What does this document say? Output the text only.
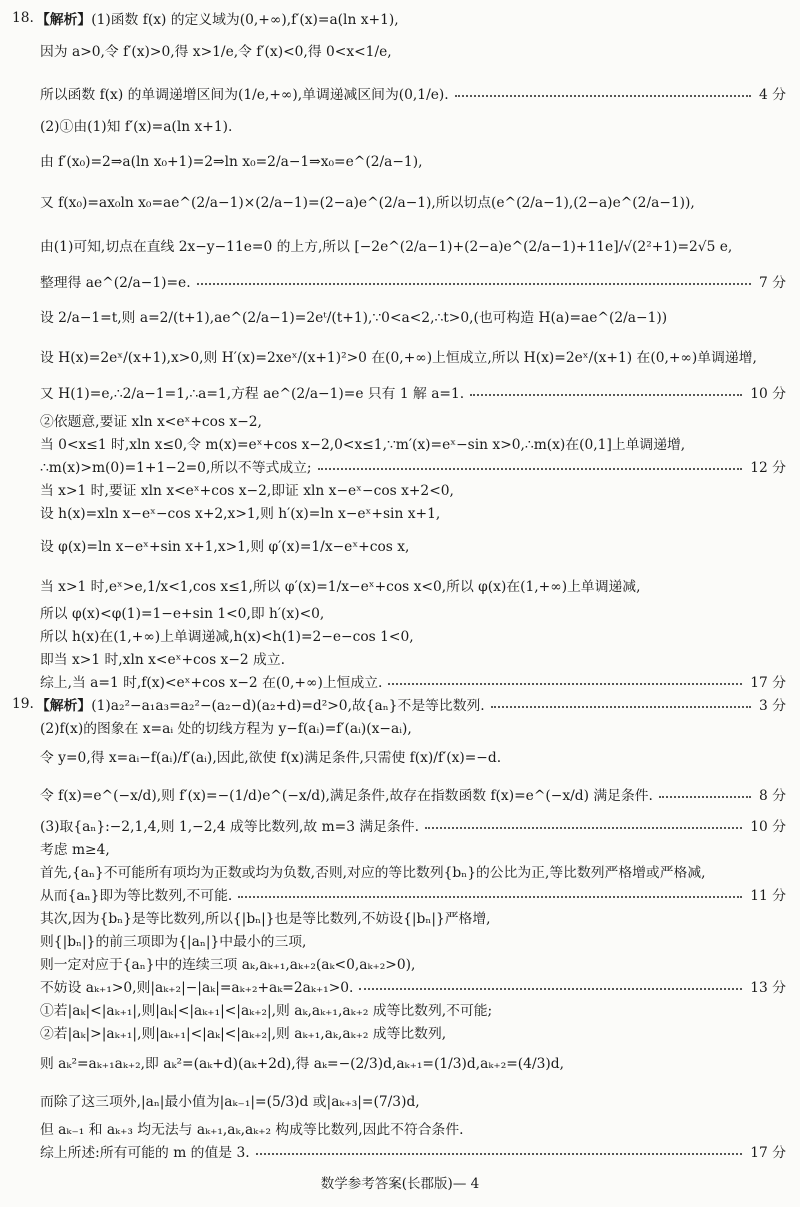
18. 【解析】 (1)函数 f(x) 的定义域为(0,+∞),f′(x)=a(ln x+1),
因为 a>0,令 f′(x)>0,得 x>1/e,令 f′(x)<0,得 0<x<1/e,
所以函数 f(x) 的单调递增区间为(1/e,+∞),单调递减区间为(0,1/e).	4 分
(2)①由(1)知 f′(x)=a(ln x+1).
由 f′(x₀)=2⇒a(ln x₀+1)=2⇒ln x₀=2/a−1⇒x₀=e^(2/a−1),
又 f(x₀)=ax₀ln x₀=ae^(2/a−1)×(2/a−1)=(2−a)e^(2/a−1),所以切点(e^(2/a−1),(2−a)e^(2/a−1)),
由(1)可知,切点在直线 2x−y−11e=0 的上方,所以 [−2e^(2/a−1)+(2−a)e^(2/a−1)+11e]/√(2²+1)=2√5 e,
整理得 ae^(2/a−1)=e.	7 分
设 2/a−1=t,则 a=2/(t+1),ae^(2/a−1)=2eᵗ/(t+1),∵0<a<2,∴t>0,(也可构造 H(a)=ae^(2/a−1))
设 H(x)=2eˣ/(x+1),x>0,则 H′(x)=2xeˣ/(x+1)²>0 在(0,+∞)上恒成立,所以 H(x)=2eˣ/(x+1) 在(0,+∞)单调递增,
又 H(1)=e,∴2/a−1=1,∴a=1,方程 ae^(2/a−1)=e 只有 1 解 a=1.	10 分
②依题意,要证 xln x<eˣ+cos x−2,
当 0<x≤1 时,xln x≤0,令 m(x)=eˣ+cos x−2,0<x≤1,∵m′(x)=eˣ−sin x>0,∴m(x)在(0,1]上单调递增,
∴m(x)>m(0)=1+1−2=0,所以不等式成立;	12 分
当 x>1 时,要证 xln x<eˣ+cos x−2,即证 xln x−eˣ−cos x+2<0,
设 h(x)=xln x−eˣ−cos x+2,x>1,则 h′(x)=ln x−eˣ+sin x+1,
设 φ(x)=ln x−eˣ+sin x+1,x>1,则 φ′(x)=1/x−eˣ+cos x,
当 x>1 时,eˣ>e,1/x<1,cos x≤1,所以 φ′(x)=1/x−eˣ+cos x<0,所以 φ(x)在(1,+∞)上单调递减,
所以 φ(x)<φ(1)=1−e+sin 1<0,即 h′(x)<0,
所以 h(x)在(1,+∞)上单调递减,h(x)<h(1)=2−e−cos 1<0,
即当 x>1 时,xln x<eˣ+cos x−2 成立.
综上,当 a=1 时,f(x)<eˣ+cos x−2 在(0,+∞)上恒成立.	17 分
19. 【解析】 (1)a₂²−a₁a₃=a₂²−(a₂−d)(a₂+d)=d²>0,故{aₙ}不是等比数列.	3 分
(2)f(x)的图象在 x=aᵢ 处的切线方程为 y−f(aᵢ)=f′(aᵢ)(x−aᵢ),
令 y=0,得 x=aᵢ−f(aᵢ)/f′(aᵢ),因此,欲使 f(x)满足条件,只需使 f(x)/f′(x)=−d.
令 f(x)=e^(−x/d),则 f′(x)=−(1/d)e^(−x/d),满足条件,故存在指数函数 f(x)=e^(−x/d) 满足条件.	8 分
(3)取{aₙ}:−2,1,4,则 1,−2,4 成等比数列,故 m=3 满足条件.	10 分
考虑 m≥4,
首先,{aₙ}不可能所有项均为正数或均为负数,否则,对应的等比数列{bₙ}的公比为正,等比数列严格增或严格减,
从而{aₙ}即为等比数列,不可能.	11 分
其次,因为{bₙ}是等比数列,所以{|bₙ|}也是等比数列,不妨设{|bₙ|}严格增,
则{|bₙ|}的前三项即为{|aₙ|}中最小的三项,
则一定对应于{aₙ}中的连续三项 aₖ,aₖ₊₁,aₖ₊₂(aₖ<0,aₖ₊₂>0),
不妨设 aₖ₊₁>0,则|aₖ₊₂|−|aₖ|=aₖ₊₂+aₖ=2aₖ₊₁>0.	13 分
①若|aₖ|<|aₖ₊₁|,则|aₖ|<|aₖ₊₁|<|aₖ₊₂|,则 aₖ,aₖ₊₁,aₖ₊₂ 成等比数列,不可能;
②若|aₖ|>|aₖ₊₁|,则|aₖ₊₁|<|aₖ|<|aₖ₊₂|,则 aₖ₊₁,aₖ,aₖ₊₂ 成等比数列,
则 aₖ²=aₖ₊₁aₖ₊₂,即 aₖ²=(aₖ+d)(aₖ+2d),得 aₖ=−(2/3)d,aₖ₊₁=(1/3)d,aₖ₊₂=(4/3)d,
而除了这三项外,|aₙ|最小值为|aₖ₋₁|=(5/3)d 或|aₖ₊₃|=(7/3)d,
但 aₖ₋₁ 和 aₖ₊₃ 均无法与 aₖ₊₁,aₖ,aₖ₊₂ 构成等比数列,因此不符合条件.
综上所述:所有可能的 m 的值是 3.	17 分
数学参考答案(长郡版)— 4
